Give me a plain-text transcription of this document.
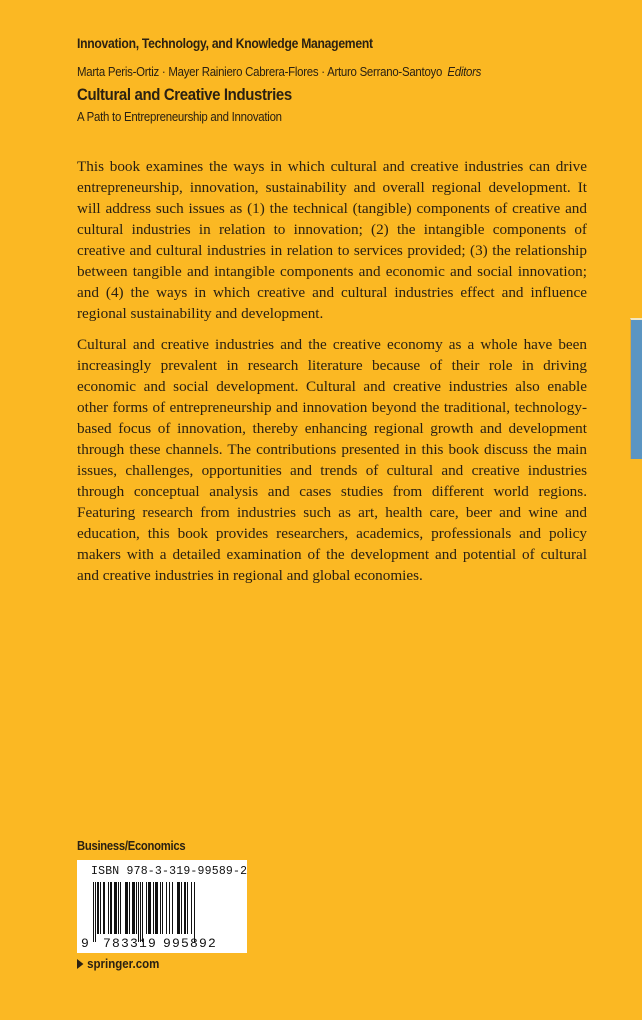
Innovation, Technology, and Knowledge Management
Marta Peris-Ortiz · Mayer Rainiero Cabrera-Flores · Arturo Serrano-Santoyo Editors
Cultural and Creative Industries
A Path to Entrepreneurship and Innovation

This book examines the ways in which cultural and creative industries can drive entrepreneurship, innovation, sustainability and overall regional development. It will address such issues as (1) the technical (tangible) components of creative and cultural industries in relation to innovation; (2) the intangible components of creative and cultural industries in relation to services provided; (3) the relationship between tangible and intangible components and economic and social innovation; and (4) the ways in which creative and cultural industries effect and influence regional sustainability and development.

Cultural and creative industries and the creative economy as a whole have been increasingly prevalent in research literature because of their role in driving economic and social development. Cultural and creative industries also enable other forms of entrepreneurship and innovation beyond the traditional, technology-based focus of innovation, thereby enhancing regional growth and development through these channels. The contributions presented in this book discuss the main issues, challenges, opportunities and trends of cultural and creative industries through conceptual analysis and cases studies from different world regions. Featuring research from industries such as art, health care, beer and wine and education, this book provides researchers, academics, professionals and policy makers with a detailed examination of the development and potential of cultural and creative industries in regional and global economies.

Business/Economics
ISBN 978-3-319-99589-2
9 783319 995892
springer.com
